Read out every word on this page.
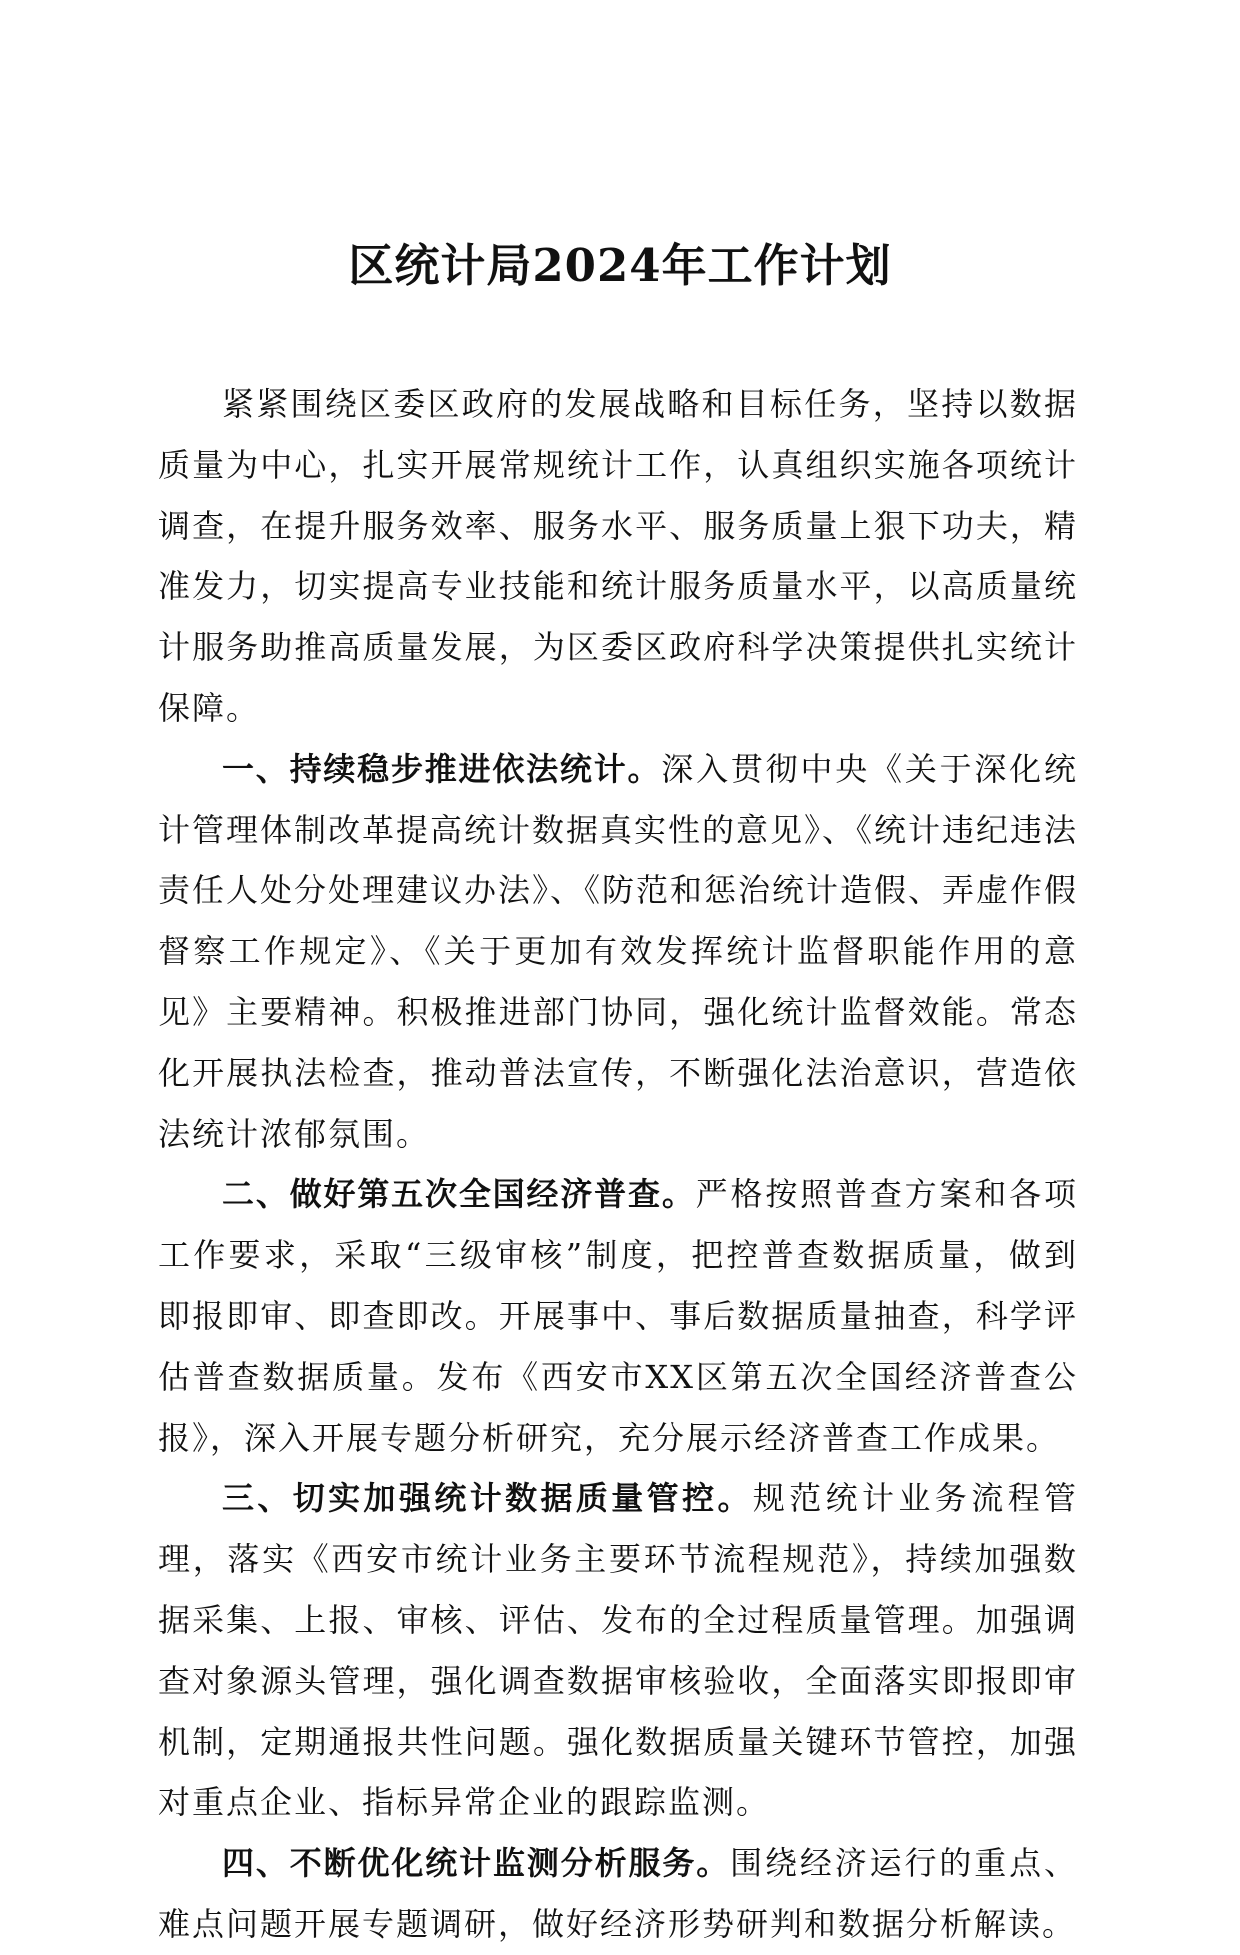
区统计局2024年工作计划

紧紧围绕区委区政府的发展战略和目标任务，坚持以数据质量为中心，扎实开展常规统计工作，认真组织实施各项统计调查，在提升服务效率、服务水平、服务质量上狠下功夫，精准发力，切实提高专业技能和统计服务质量水平，以高质量统计服务助推高质量发展，为区委区政府科学决策提供扎实统计保障。

一、持续稳步推进依法统计。深入贯彻中央《关于深化统计管理体制改革提高统计数据真实性的意见》、《统计违纪违法责任人处分处理建议办法》、《防范和惩治统计造假、弄虚作假督察工作规定》、《关于更加有效发挥统计监督职能作用的意见》主要精神。积极推进部门协同，强化统计监督效能。常态化开展执法检查，推动普法宣传，不断强化法治意识，营造依法统计浓郁氛围。

二、做好第五次全国经济普查。严格按照普查方案和各项工作要求，采取“三级审核”制度，把控普查数据质量，做到即报即审、即查即改。开展事中、事后数据质量抽查，科学评估普查数据质量。发布《西安市XX区第五次全国经济普查公报》，深入开展专题分析研究，充分展示经济普查工作成果。

三、切实加强统计数据质量管控。规范统计业务流程管理，落实《西安市统计业务主要环节流程规范》，持续加强数据采集、上报、审核、评估、发布的全过程质量管理。加强调查对象源头管理，强化调查数据审核验收，全面落实即报即审机制，定期通报共性问题。强化数据质量关键环节管控，加强对重点企业、指标异常企业的跟踪监测。

四、不断优化统计监测分析服务。围绕经济运行的重点、难点问题开展专题调研，做好经济形势研判和数据分析解读。
